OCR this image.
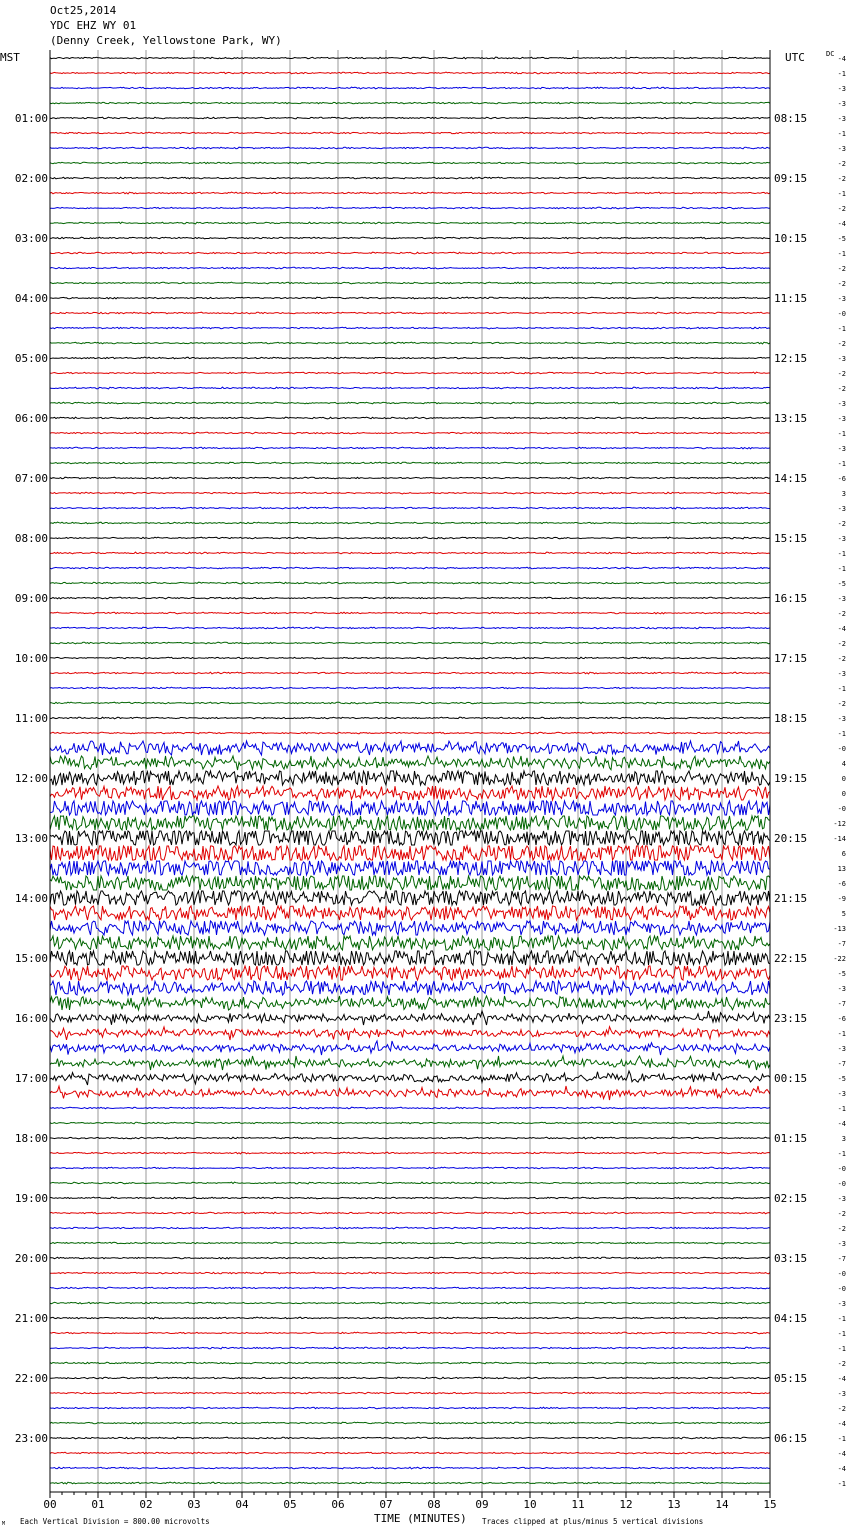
01:00
02:00
03:00
04:00
05:00
06:00
07:00
08:00
09:00
10:00
11:00
12:00
13:00
14:00
15:00
16:00
17:00
18:00
19:00
20:00
21:00
22:00
23:00
08:15
09:15
10:15
11:15
12:15
13:15
14:15
15:15
16:15
17:15
18:15
19:15
20:15
21:15
22:15
23:15
00:15
01:15
02:15
03:15
04:15
05:15
06:15
-4
-1
-3
-3
-3
-1
-3
-2
-2
-1
-2
-4
-5
-1
-2
-2
-3
-0
-1
-2
-3
-2
-2
-3
-3
-1
-3
-1
-6
3
-3
-2
-3
-1
-1
-5
-3
-2
-4
-2
-2
-3
-1
-2
-3
-1
-0
4
0
0
-0
-12
-14
6
13
-6
-9
5
-13
-7
-22
-5
-3
-7
-6
-1
-3
-7
-5
-3
-1
-4
3
-1
-0
-0
-3
-2
-2
-3
-7
-0
-0
-3
-1
-1
-1
-2
-4
-3
-2
-4
-1
-4
-4
-1
00	01	02	03	04	05	06	07	08	09	10	11	12	13	14	15
MST	UTC	DC
TIME (MINUTES)
Each Vertical Division = 800.00 microvolts	Traces clipped at plus/minus 5 vertical divisions
M
Oct25,2014
YDC EHZ WY 01
(Denny Creek, Yellowstone Park, WY)
